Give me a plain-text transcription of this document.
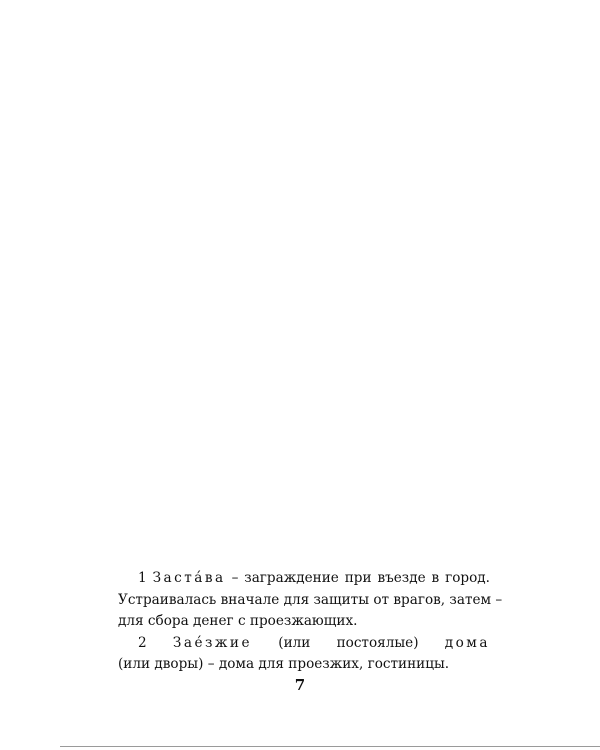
1 Застáва – заграждение при въезде в город.
Устраивалась вначале для защиты от врагов, затем –
для сбора денег с проезжающих.
2 Заéзжие (или постоялые) дома
(или дворы) – дома для проезжих, гостиницы.
7
